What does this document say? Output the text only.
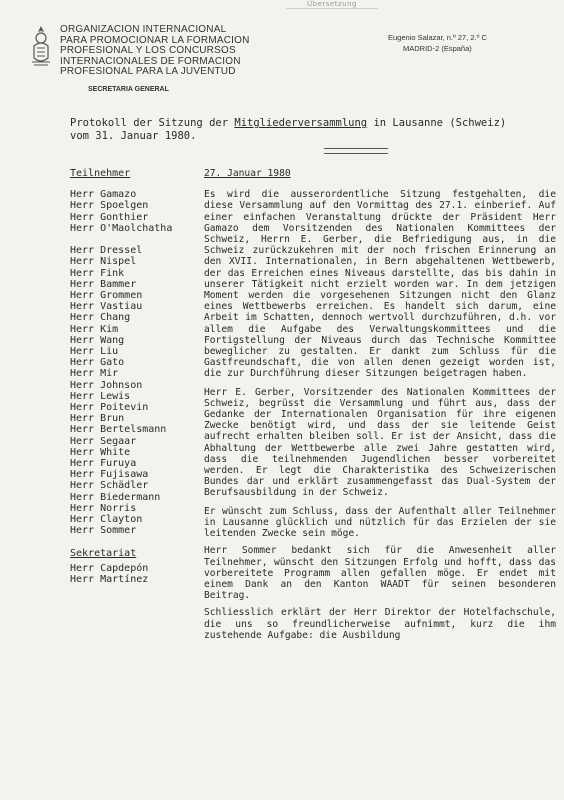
Übersetzung
ORGANIZACION INTERNACIONAL
PARA PROMOCIONAR LA FORMACION
PROFESIONAL Y LOS CONCURSOS
INTERNACIONALES DE FORMACION
PROFESIONAL PARA LA JUVENTUD
SECRETARIA GENERAL
Eugenio Salazar, n.º 27, 2.º C
MADRID-2 (España)
Protokoll der Sitzung der Mitgliederversammlung in Lausanne (Schweiz)
vom 31. Januar 1980.
Teilnehmer
Herr Gamazo
Herr Spoelgen
Herr Gonthier
Herr O'Maolchatha
Herr Dressel
Herr Nispel
Herr Fink
Herr Bammer
Herr Grommen
Herr Vastiau
Herr Chang
Herr Kim
Herr Wang
Herr Liu
Herr Gato
Herr Mir
Herr Johnson
Herr Lewis
Herr Poitevin
Herr Brun
Herr Bertelsmann
Herr Segaar
Herr White
Herr Furuya
Herr Fujisawa
Herr Schädler
Herr Biedermann
Herr Norris
Herr Clayton
Herr Sommer
Sekretariat
Herr Capdepón
Herr Martínez
27. Januar 1980

Es wird die ausserordentliche Sitzung festgehalten, die diese Versammlung auf den Vormittag des 27.1. einberief. Auf einer einfachen Veranstaltung drückte der Präsident Herr Gamazo dem Vorsitzenden des Nationalen Kommittees der Schweiz, Herrn E. Gerber, die Befriedigung aus, in die Schweiz zurückzukehren mit der noch frischen Erinnerung an den XVII. Internationalen, in Bern abgehaltenen Wettbewerb, der das Erreichen eines Niveaus darstellte, das bis dahin in unserer Tätigkeit nicht erzielt worden war. In dem jetzigen Moment werden die vorgesehenen Sitzungen nicht den Glanz eines Wettbewerbs erreichen. Es handelt sich darum, eine Arbeit im Schatten, dennoch wertvoll durchzuführen, d.h. vor allem die Aufgabe des Verwaltungskommittees und die Fortigstellung der Niveaus durch das Technische Kommittee beweglicher zu gestalten. Er dankt zum Schluss für die Gastfreundschaft, die von allen denen gezeigt worden ist, die zur Durchführung dieser Sitzungen beigetragen haben.

Herr E. Gerber, Vorsitzender des Nationalen Kommittees der Schweiz, begrüsst die Versammlung und führt aus, dass der Gedanke der Internationalen Organisation für ihre eigenen Zwecke benötigt wird, und dass der sie leitende Geist aufrecht erhalten bleiben soll. Er ist der Ansicht, dass die Abhaltung der Wettbewerbe alle zwei Jahre gestatten wird, dass die teilnehmenden Jugendlichen besser vorbereitet werden. Er legt die Charakteristika des Schweizerischen Bundes dar und erklärt zusammengefasst das Dual-System der Berufsausbildung in der Schweiz.

Er wünscht zum Schluss, dass der Aufenthalt aller Teilnehmer in Lausanne glücklich und nützlich für das Erzielen der sie leitenden Zwecke sein möge.

Herr Sommer bedankt sich für die Anwesenheit aller Teilnehmer, wünscht den Sitzungen Erfolg und hofft, dass das vorbereitete Programm allen gefallen möge. Er endet mit einem Dank an den Kanton WAADT für seinen besonderen Beitrag.

Schliesslich erklärt der Herr Direktor der Hotelfachschule, die uns so freundlicherweise aufnimmt, kurz die ihm zustehende Aufgabe: die Ausbildung
